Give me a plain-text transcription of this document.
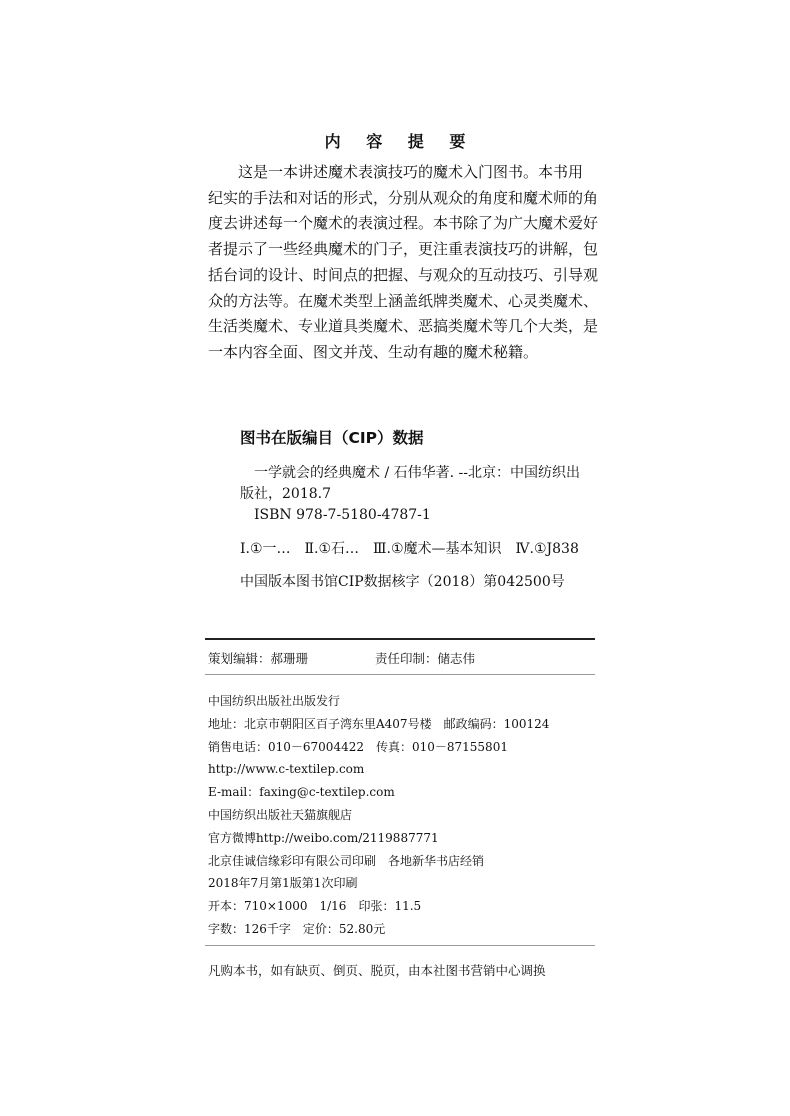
内 容 提 要
　　这是一本讲述魔术表演技巧的魔术入门图书。本书用
纪实的手法和对话的形式，分别从观众的角度和魔术师的角
度去讲述每一个魔术的表演过程。本书除了为广大魔术爱好
者提示了一些经典魔术的门子，更注重表演技巧的讲解，包
括台词的设计、时间点的把握、与观众的互动技巧、引导观
众的方法等。在魔术类型上涵盖纸牌类魔术、心灵类魔术、
生活类魔术、专业道具类魔术、恶搞类魔术等几个大类，是
一本内容全面、图文并茂、生动有趣的魔术秘籍。
图书在版编目（CIP）数据
　一学就会的经典魔术 / 石伟华著. --北京：中国纺织出
版社，2018.7
　ISBN 978-7-5180-4787-1
Ⅰ.①一…　Ⅱ.①石…　Ⅲ.①魔术—基本知识　Ⅳ.①J838
中国版本图书馆CIP数据核字（2018）第042500号
策划编辑：郝珊珊	责任印制：储志伟
中国纺织出版社出版发行
地址：北京市朝阳区百子湾东里A407号楼　邮政编码：100124
销售电话：010－67004422　传真：010－87155801
http://www.c-textilep.com
E-mail：faxing@c-textilep.com
中国纺织出版社天猫旗舰店
官方微博http://weibo.com/2119887771
北京佳诚信缘彩印有限公司印刷　各地新华书店经销
2018年7月第1版第1次印刷
开本：710×1000　1/16　印张：11.5
字数：126千字　定价：52.80元
凡购本书，如有缺页、倒页、脱页，由本社图书营销中心调换
